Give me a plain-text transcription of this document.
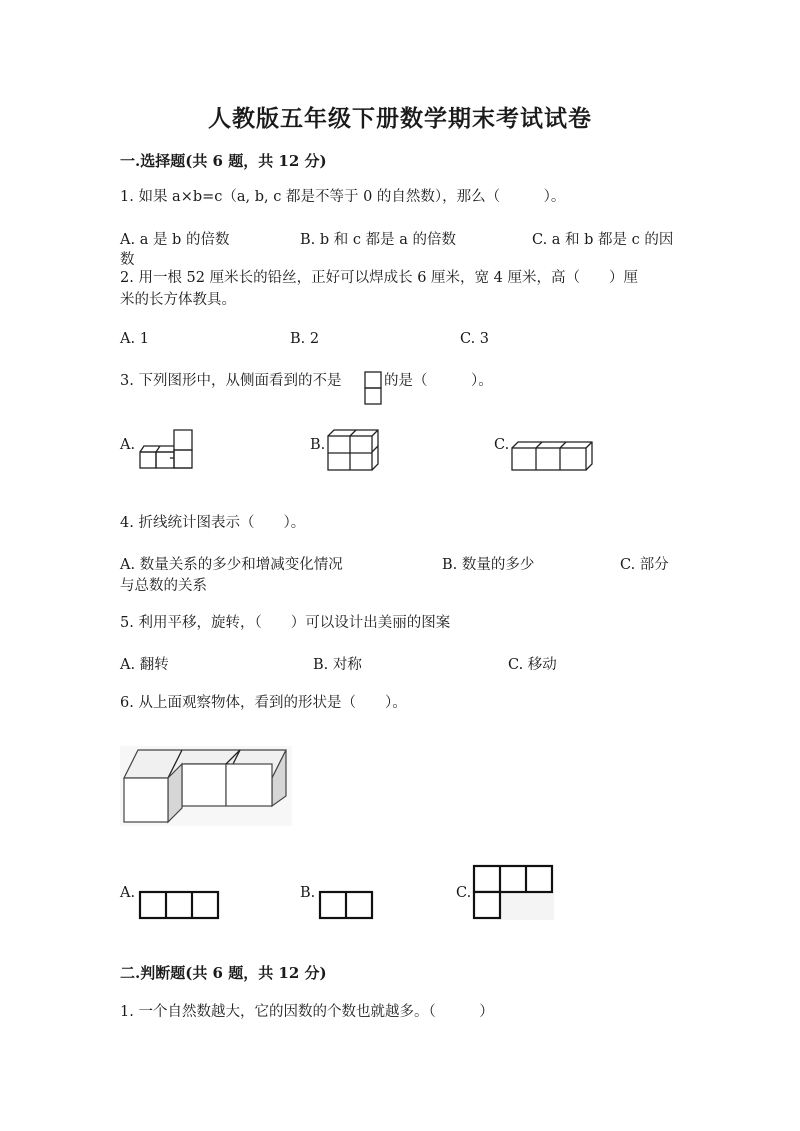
人教版五年级下册数学期末考试试卷
一.选择题(共 6 题，共 12 分)
1. 如果 a×b=c（a, b, c 都是不等于 0 的自然数），那么（　　　）。
A. a 是 b 的倍数	B. b 和 c 都是 a 的倍数	C. a 和 b 都是 c 的因
数
2. 用一根 52 厘米长的铅丝，正好可以焊成长 6 厘米，宽 4 厘米，高（　　）厘
米的长方体教具。
A. 1	B. 2	C. 3
3. 下列图形中，从侧面看到的不是	的是（　　　）。
A.	B.	C.
4. 折线统计图表示（　　）。
A. 数量关系的多少和增减变化情况	B. 数量的多少	C. 部分
与总数的关系
5. 利用平移，旋转，（　　）可以设计出美丽的图案
A. 翻转	B. 对称	C. 移动
6. 从上面观察物体，看到的形状是（　　）。
A.	B.	C.
二.判断题(共 6 题，共 12 分)
1. 一个自然数越大，它的因数的个数也就越多。（　　　）
